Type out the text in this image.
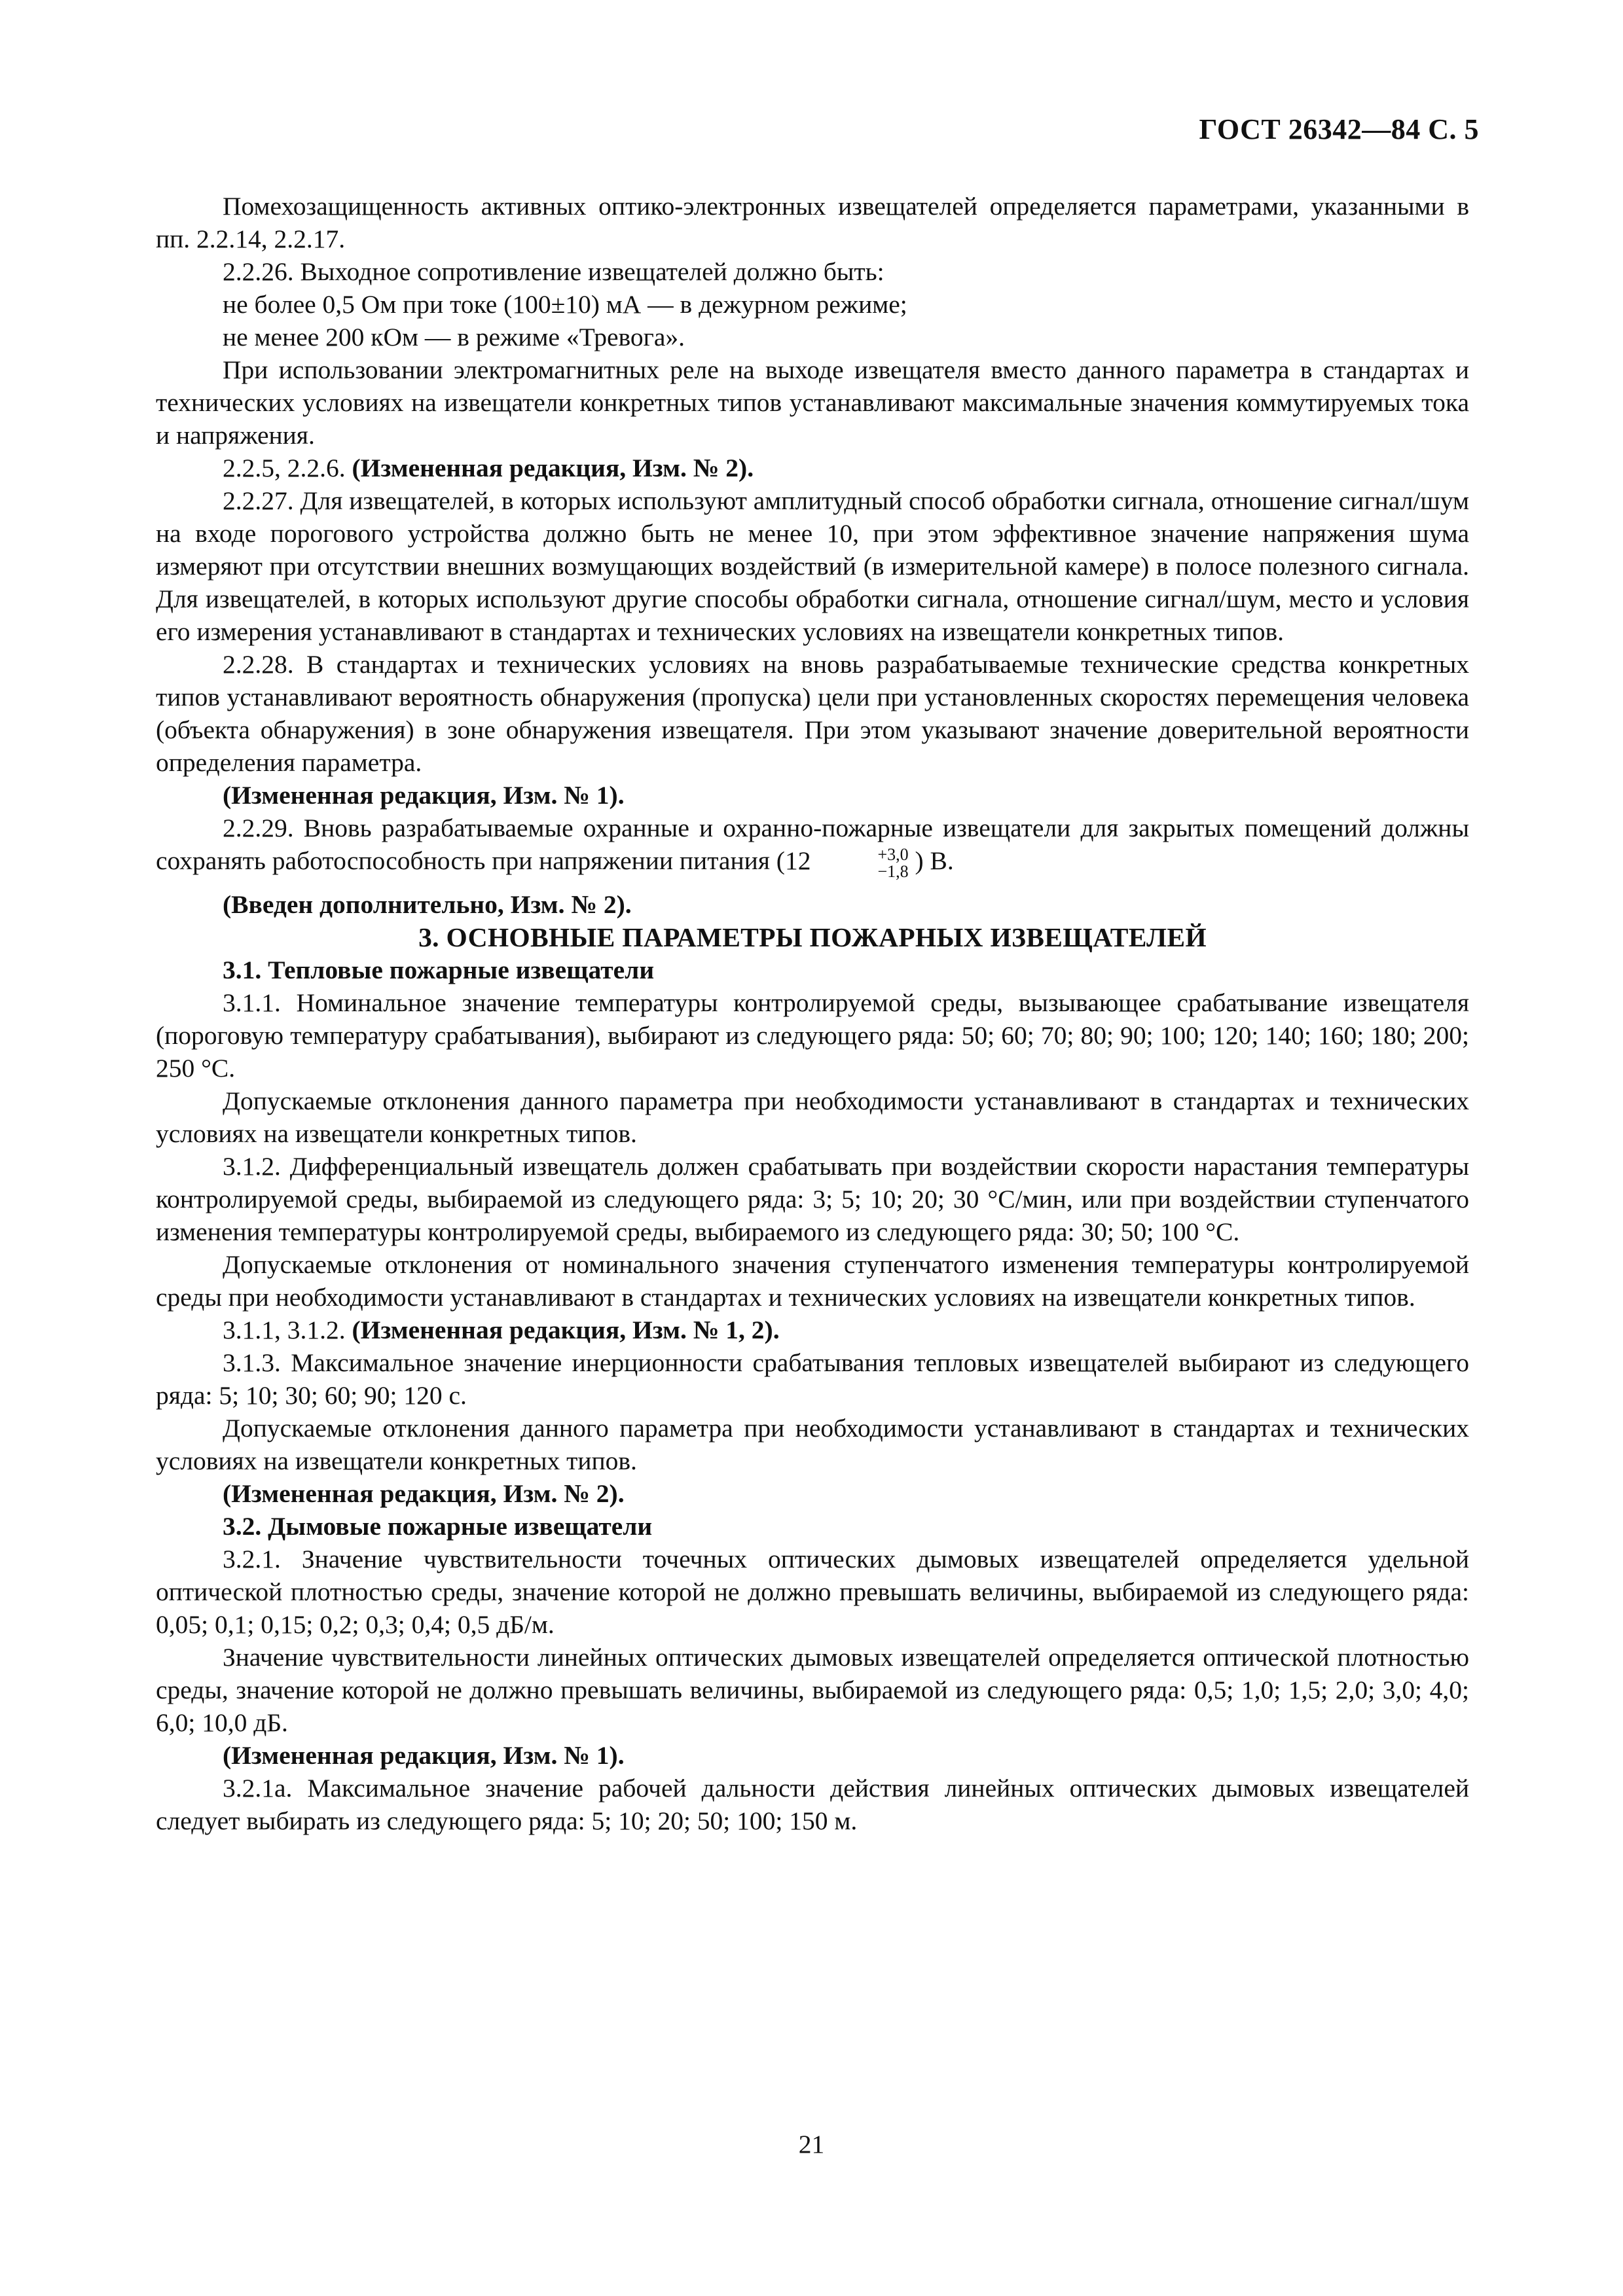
ГОСТ 26342—84 С. 5

Помехозащищенность активных оптико-электронных извещателей определяется параметрами, указанными в пп. 2.2.14, 2.2.17.

2.2.26. Выходное сопротивление извещателей должно быть:

не более 0,5 Ом при токе (100±10) мА — в дежурном режиме;

не менее 200 кОм — в режиме «Тревога».

При использовании электромагнитных реле на выходе извещателя вместо данного параметра в стандартах и технических условиях на извещатели конкретных типов устанавливают максимальные значения коммутируемых тока и напряжения.

2.2.5, 2.2.6. (Измененная редакция, Изм. № 2).

2.2.27. Для извещателей, в которых используют амплитудный способ обработки сигнала, отношение сигнал/шум на входе порогового устройства должно быть не менее 10, при этом эффективное значение напряжения шума измеряют при отсутствии внешних возмущающих воздействий (в измерительной камере) в полосе полезного сигнала. Для извещателей, в которых используют другие способы обработки сигнала, отношение сигнал/шум, место и условия его измерения устанавливают в стандартах и технических условиях на извещатели конкретных типов.

2.2.28. В стандартах и технических условиях на вновь разрабатываемые технические средства конкретных типов устанавливают вероятность обнаружения (пропуска) цели при установленных скоростях перемещения человека (объекта обнаружения) в зоне обнаружения извещателя. При этом указывают значение доверительной вероятности определения параметра.

(Измененная редакция, Изм. № 1).

2.2.29. Вновь разрабатываемые охранные и охранно-пожарные извещатели для закрытых помещений должны сохранять работоспособность при напряжении питания (12	+3,0
−1,8 ) В.

(Введен дополнительно, Изм. № 2).

3. ОСНОВНЫЕ ПАРАМЕТРЫ ПОЖАРНЫХ ИЗВЕЩАТЕЛЕЙ

3.1. Тепловые пожарные извещатели

3.1.1. Номинальное значение температуры контролируемой среды, вызывающее срабатывание извещателя (пороговую температуру срабатывания), выбирают из следующего ряда: 50; 60; 70; 80; 90; 100; 120; 140; 160; 180; 200; 250 °С.

Допускаемые отклонения данного параметра при необходимости устанавливают в стандартах и технических условиях на извещатели конкретных типов.

3.1.2. Дифференциальный извещатель должен срабатывать при воздействии скорости нарастания температуры контролируемой среды, выбираемой из следующего ряда: 3; 5; 10; 20; 30 °С/мин, или при воздействии ступенчатого изменения температуры контролируемой среды, выбираемого из следующего ряда: 30; 50; 100 °С.

Допускаемые отклонения от номинального значения ступенчатого изменения температуры контролируемой среды при необходимости устанавливают в стандартах и технических условиях на извещатели конкретных типов.

3.1.1, 3.1.2. (Измененная редакция, Изм. № 1, 2).

3.1.3. Максимальное значение инерционности срабатывания тепловых извещателей выбирают из следующего ряда: 5; 10; 30; 60; 90; 120 с.

Допускаемые отклонения данного параметра при необходимости устанавливают в стандартах и технических условиях на извещатели конкретных типов.

(Измененная редакция, Изм. № 2).

3.2. Дымовые пожарные извещатели

3.2.1. Значение чувствительности точечных оптических дымовых извещателей определяется удельной оптической плотностью среды, значение которой не должно превышать величины, выбираемой из следующего ряда: 0,05; 0,1; 0,15; 0,2; 0,3; 0,4; 0,5 дБ/м.

Значение чувствительности линейных оптических дымовых извещателей определяется оптической плотностью среды, значение которой не должно превышать величины, выбираемой из следующего ряда: 0,5; 1,0; 1,5; 2,0; 3,0; 4,0; 6,0; 10,0 дБ.

(Измененная редакция, Изм. № 1).

3.2.1а. Максимальное значение рабочей дальности действия линейных оптических дымовых извещателей следует выбирать из следующего ряда: 5; 10; 20; 50; 100; 150 м.

21
